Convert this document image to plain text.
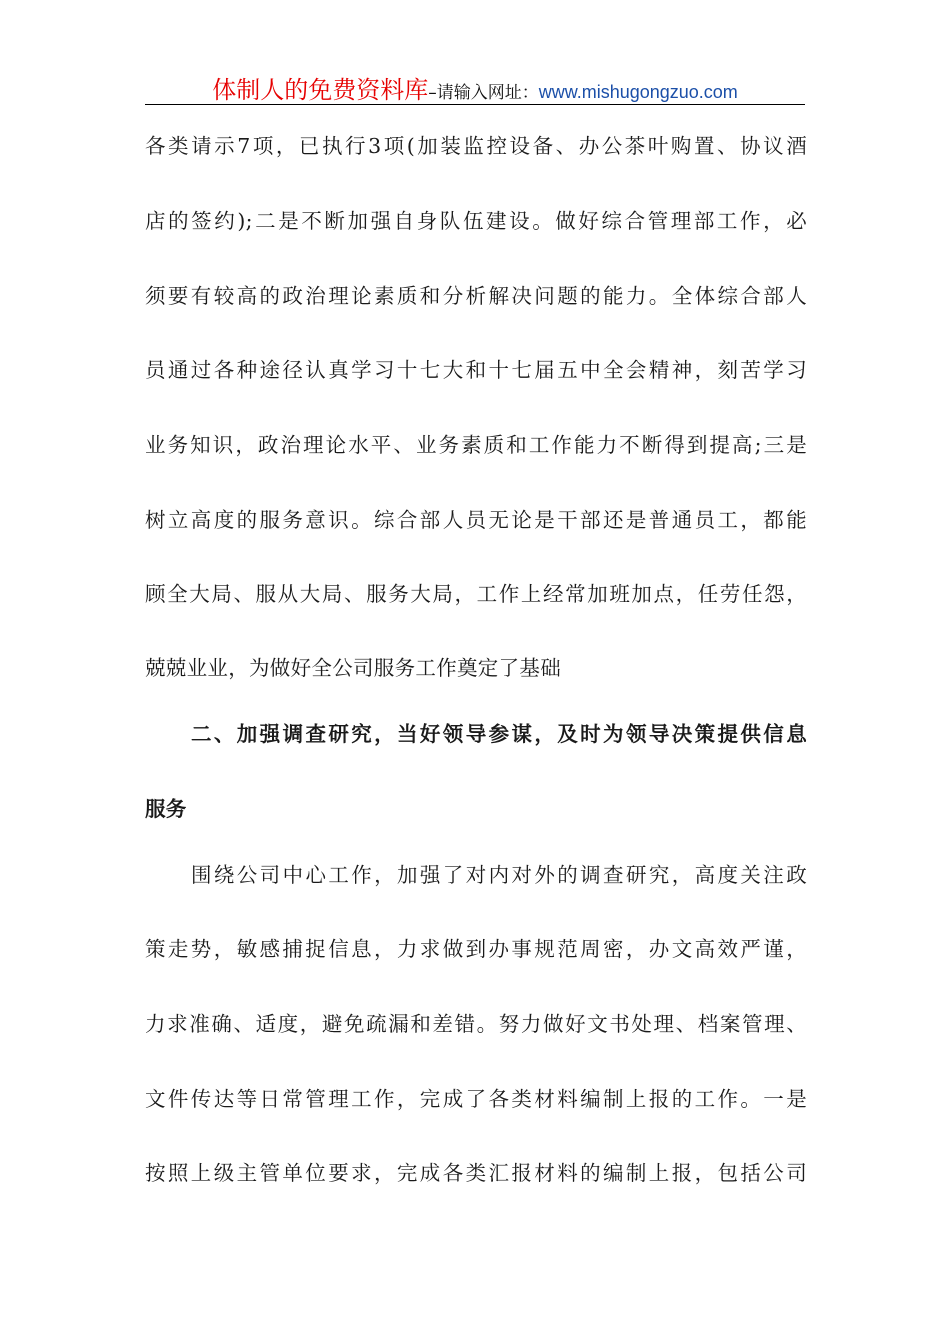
体制人的免费资料库–请输入网址：www.mishugongzuo.com
各类请示7项，已执行3项(加装监控设备、办公茶叶购置、协议酒
店的签约);二是不断加强自身队伍建设。做好综合管理部工作，必
须要有较高的政治理论素质和分析解决问题的能力。全体综合部人
员通过各种途径认真学习十七大和十七届五中全会精神，刻苦学习
业务知识，政治理论水平、业务素质和工作能力不断得到提高;三是
树立高度的服务意识。综合部人员无论是干部还是普通员工，都能
顾全大局、服从大局、服务大局，工作上经常加班加点，任劳任怨，
兢兢业业，为做好全公司服务工作奠定了基础
二、加强调查研究，当好领导参谋，及时为领导决策提供信息
服务
围绕公司中心工作，加强了对内对外的调查研究，高度关注政
策走势，敏感捕捉信息，力求做到办事规范周密，办文高效严谨，
力求准确、适度，避免疏漏和差错。努力做好文书处理、档案管理、
文件传达等日常管理工作，完成了各类材料编制上报的工作。一是
按照上级主管单位要求，完成各类汇报材料的编制上报，包括公司
